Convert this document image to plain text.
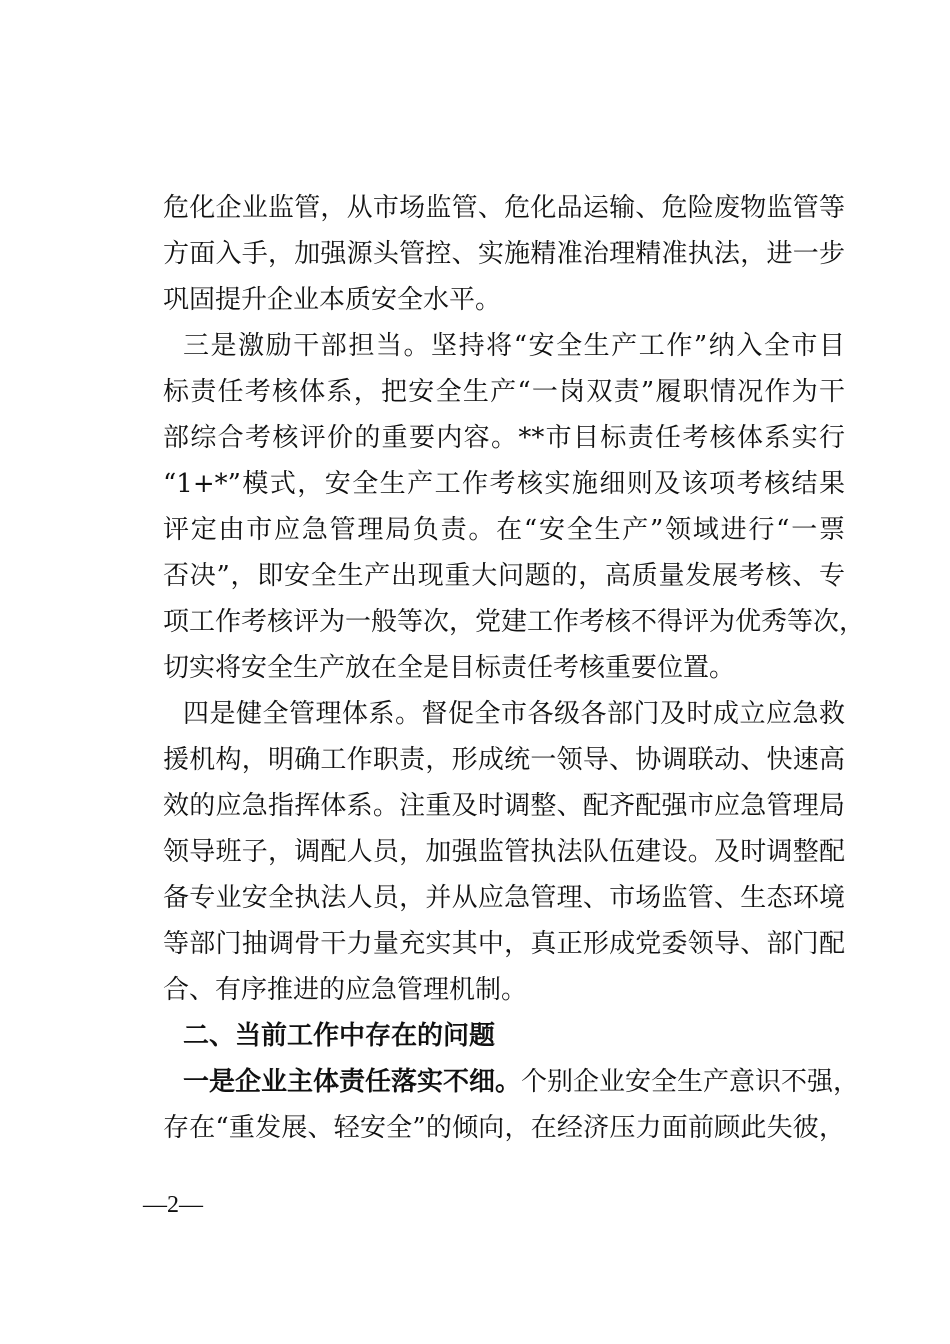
危化企业监管，从市场监管、危化品运输、危险废物监管等
方面入手，加强源头管控、实施精准治理精准执法，进一步
巩固提升企业本质安全水平。
三是激励干部担当。坚持将“安全生产工作”纳入全市目
标责任考核体系，把安全生产“一岗双责”履职情况作为干
部综合考核评价的重要内容。**市目标责任考核体系实行
“1+*”模式，安全生产工作考核实施细则及该项考核结果
评定由市应急管理局负责。在“安全生产”领域进行“一票
否决”，即安全生产出现重大问题的，高质量发展考核、专
项工作考核评为一般等次，党建工作考核不得评为优秀等次，
切实将安全生产放在全是目标责任考核重要位置。
四是健全管理体系。督促全市各级各部门及时成立应急救
援机构，明确工作职责，形成统一领导、协调联动、快速高
效的应急指挥体系。注重及时调整、配齐配强市应急管理局
领导班子，调配人员，加强监管执法队伍建设。及时调整配
备专业安全执法人员，并从应急管理、市场监管、生态环境
等部门抽调骨干力量充实其中，真正形成党委领导、部门配
合、有序推进的应急管理机制。
二、当前工作中存在的问题
一是企业主体责任落实不细。个别企业安全生产意识不强，
存在“重发展、轻安全”的倾向，在经济压力面前顾此失彼，
—2—
